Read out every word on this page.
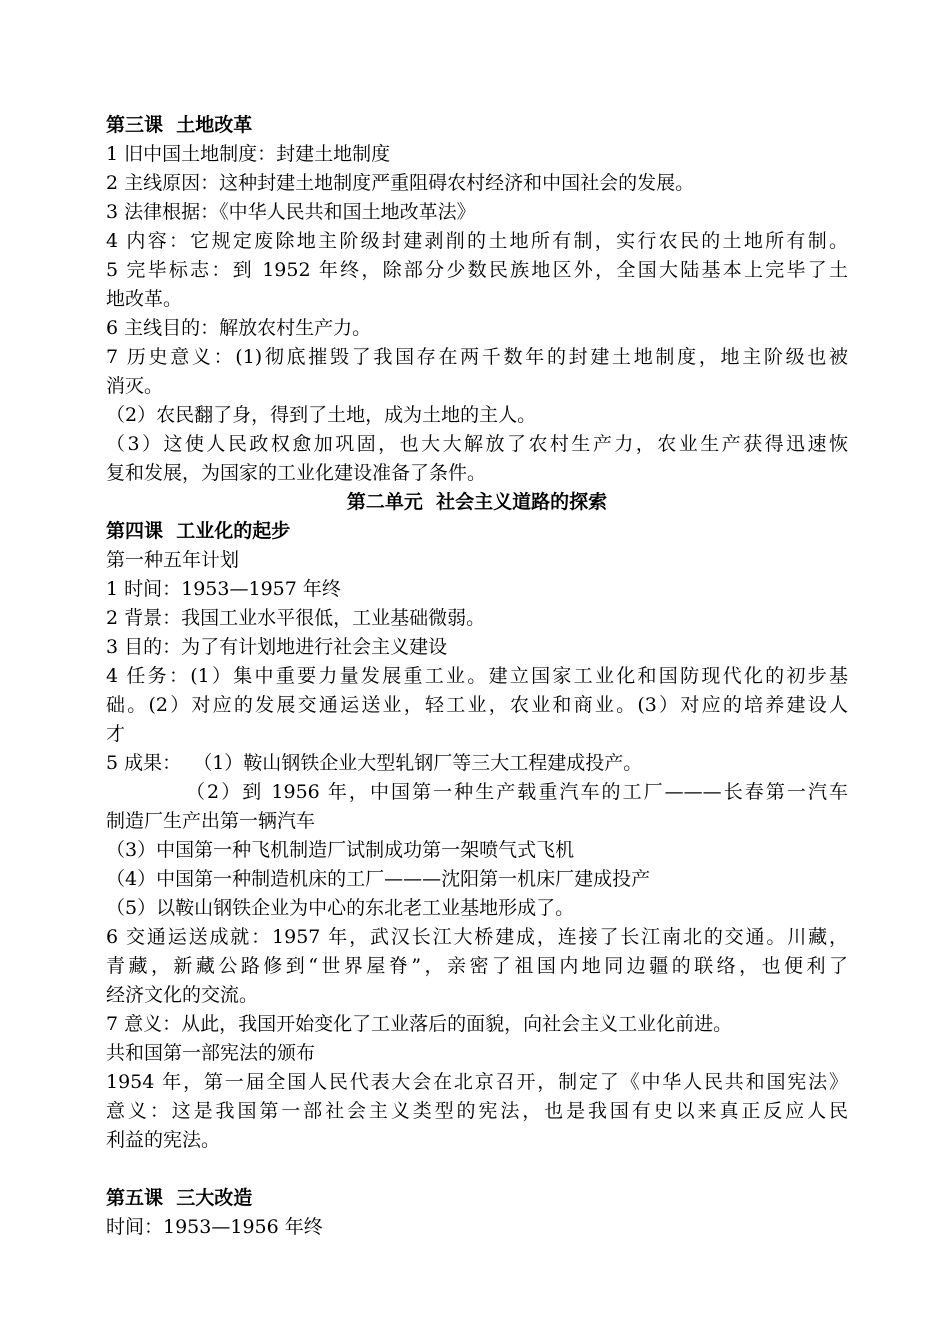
第三课  土地改革
1 旧中国土地制度：封建土地制度
2 主线原因：这种封建土地制度严重阻碍农村经济和中国社会的发展。
3 法律根据：《中华人民共和国土地改革法》
4 内容：它规定废除地主阶级封建剥削的土地所有制，实行农民的土地所有制。
5 完毕标志：到 1952 年终，除部分少数民族地区外，全国大陆基本上完毕了土
地改革。
6 主线目的：解放农村生产力。
7 历史意义：(1)彻底摧毁了我国存在两千数年的封建土地制度，地主阶级也被
消灭。
（2）农民翻了身，得到了土地，成为土地的主人。
（3）这使人民政权愈加巩固，也大大解放了农村生产力，农业生产获得迅速恢
复和发展，为国家的工业化建设准备了条件。
第二单元  社会主义道路的探索
第四课  工业化的起步
第一种五年计划
1 时间：1953—1957 年终
2 背景：我国工业水平很低，工业基础微弱。
3 目的：为了有计划地进行社会主义建设
4 任务：(1）集中重要力量发展重工业。建立国家工业化和国防现代化的初步基
础。(2）对应的发展交通运送业，轻工业，农业和商业。(3）对应的培养建设人
才
5 成果：  （1）鞍山钢铁企业大型轧钢厂等三大工程建成投产。
（2）到 1956 年，中国第一种生产载重汽车的工厂———长春第一汽车
制造厂生产出第一辆汽车
（3）中国第一种飞机制造厂试制成功第一架喷气式飞机
（4）中国第一种制造机床的工厂———沈阳第一机床厂建成投产
（5）以鞍山钢铁企业为中心的东北老工业基地形成了。
6 交通运送成就：1957 年，武汉长江大桥建成，连接了长江南北的交通。川藏，
青藏，新藏公路修到“世界屋脊”，亲密了祖国内地同边疆的联络，也便利了
经济文化的交流。
7 意义：从此，我国开始变化了工业落后的面貌，向社会主义工业化前进。
共和国第一部宪法的颁布
1954 年，第一届全国人民代表大会在北京召开，制定了《中华人民共和国宪法》
意义：这是我国第一部社会主义类型的宪法，也是我国有史以来真正反应人民
利益的宪法。
第五课  三大改造
时间：1953—1956 年终
